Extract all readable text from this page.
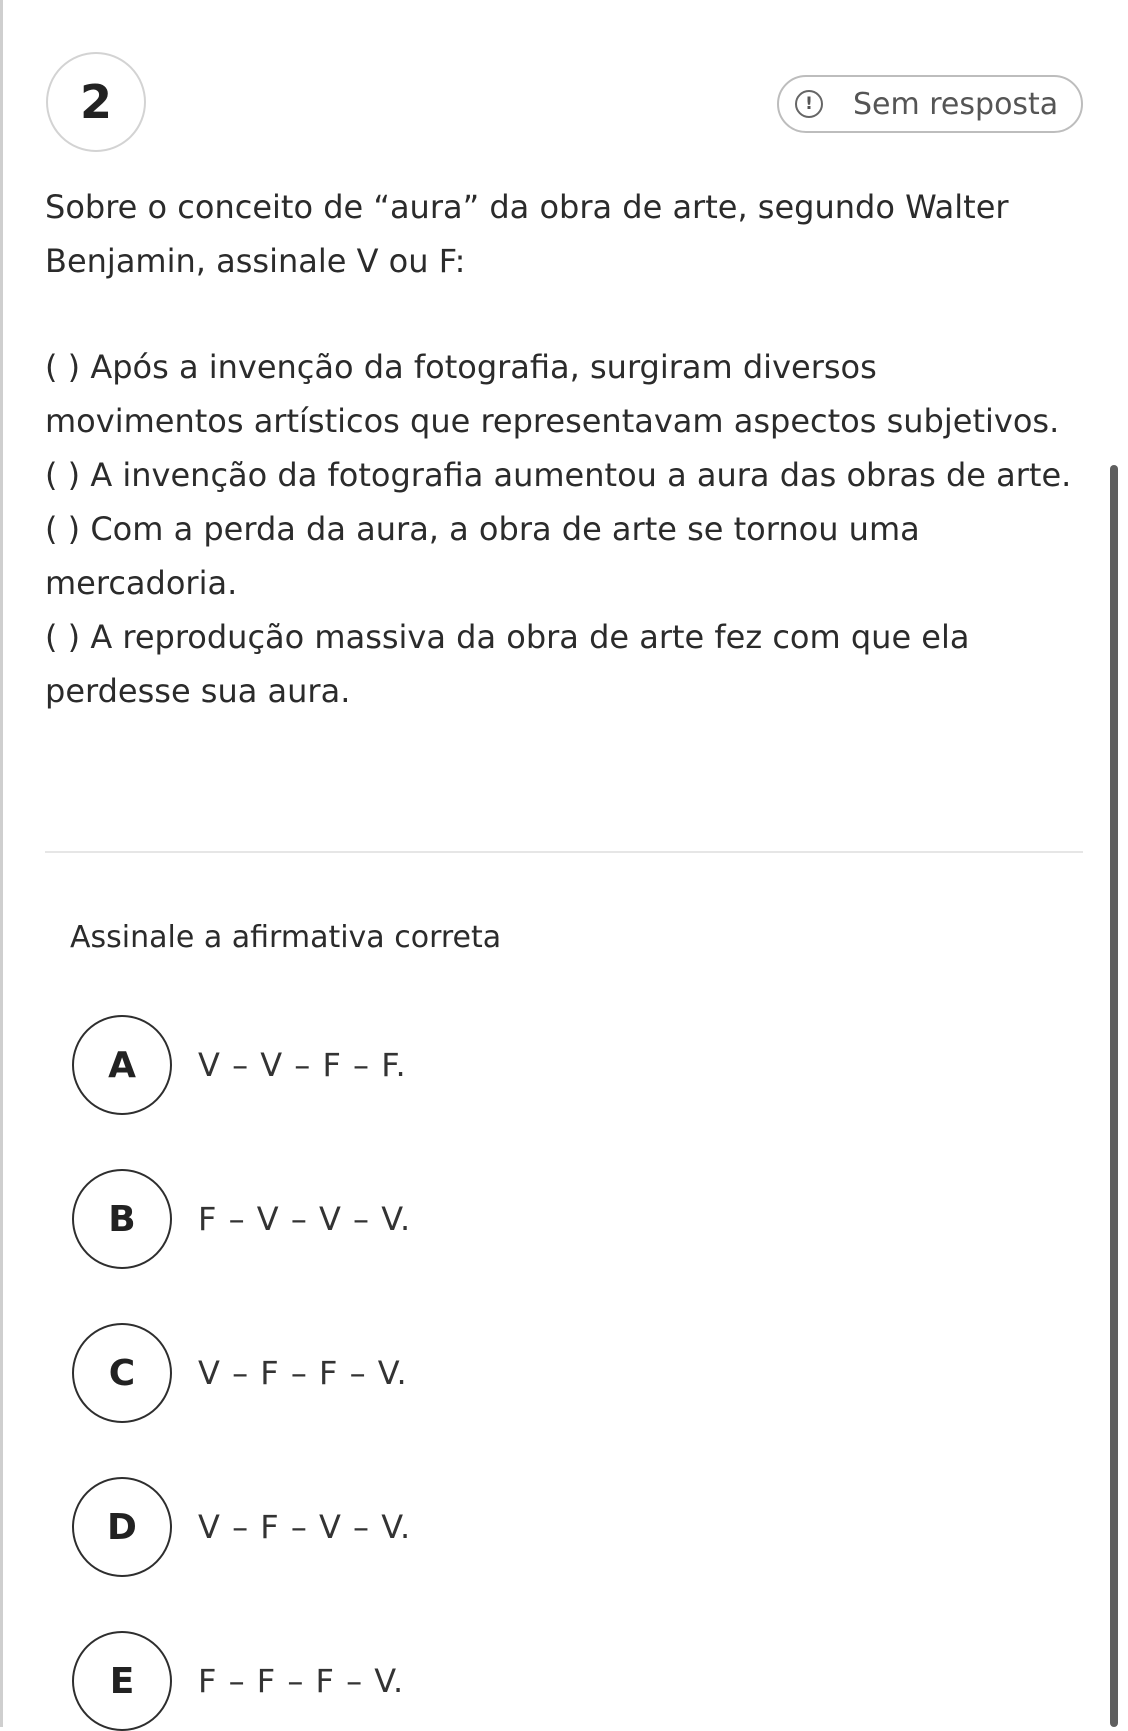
2	!	Sem resposta

Sobre o conceito de “aura” da obra de arte, segundo Walter Benjamin, assinale V ou F:

( ) Após a invenção da fotografia, surgiram diversos movimentos artísticos que representavam aspectos subjetivos.

( ) A invenção da fotografia aumentou a aura das obras de arte.

( ) Com a perda da aura, a obra de arte se tornou uma mercadoria.

( ) A reprodução massiva da obra de arte fez com que ela perdesse sua aura.

Assinale a afirmativa correta
A	V – V – F – F.
B	F – V – V – V.
C	V – F – F – V.
D	V – F – V – V.
E	F – F – F – V.
